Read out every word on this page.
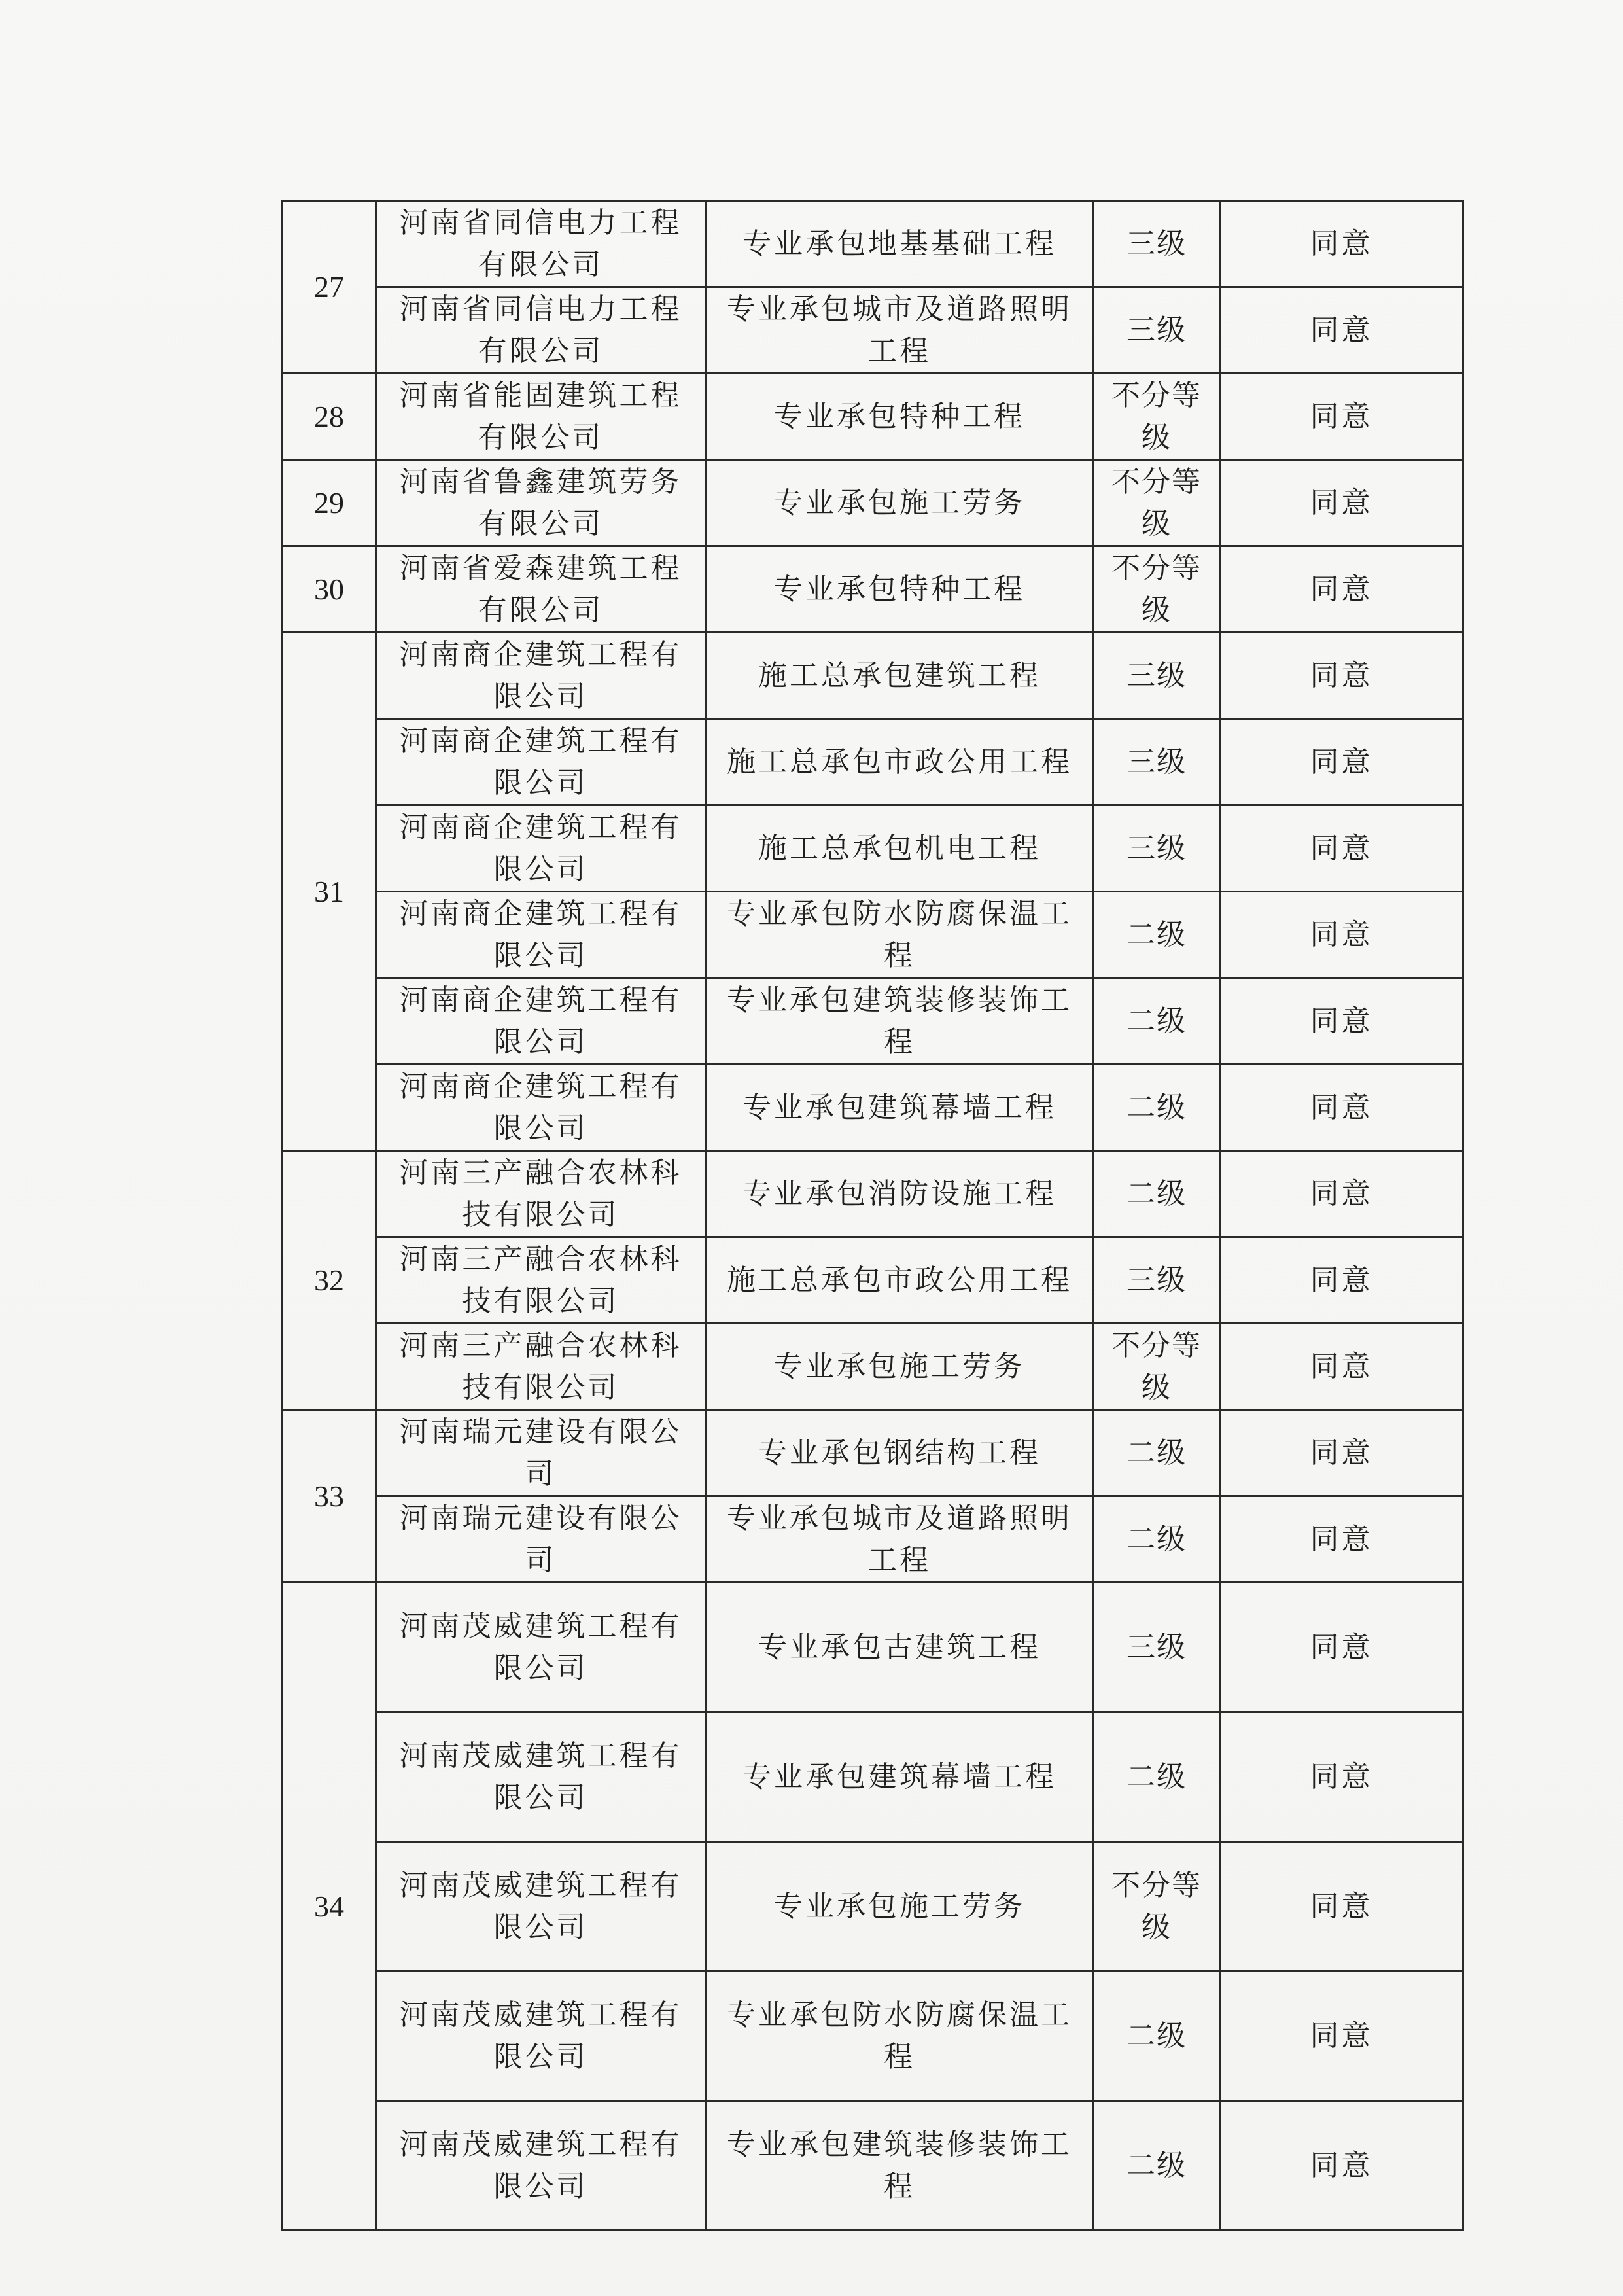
27	河南省同信电力工程有限公司	专业承包地基基础工程	三级	同意
	河南省同信电力工程有限公司	专业承包城市及道路照明工程	三级	同意
28	河南省能固建筑工程有限公司	专业承包特种工程	不分等级	同意
29	河南省鲁鑫建筑劳务有限公司	专业承包施工劳务	不分等级	同意
30	河南省爱森建筑工程有限公司	专业承包特种工程	不分等级	同意
31	河南商企建筑工程有限公司	施工总承包建筑工程	三级	同意
	河南商企建筑工程有限公司	施工总承包市政公用工程	三级	同意
	河南商企建筑工程有限公司	施工总承包机电工程	三级	同意
	河南商企建筑工程有限公司	专业承包防水防腐保温工程	二级	同意
	河南商企建筑工程有限公司	专业承包建筑装修装饰工程	二级	同意
	河南商企建筑工程有限公司	专业承包建筑幕墙工程	二级	同意
32	河南三产融合农林科技有限公司	专业承包消防设施工程	二级	同意
	河南三产融合农林科技有限公司	施工总承包市政公用工程	三级	同意
	河南三产融合农林科技有限公司	专业承包施工劳务	不分等级	同意
33	河南瑞元建设有限公司	专业承包钢结构工程	二级	同意
	河南瑞元建设有限公司	专业承包城市及道路照明工程	二级	同意
34	河南茂威建筑工程有限公司	专业承包古建筑工程	三级	同意
	河南茂威建筑工程有限公司	专业承包建筑幕墙工程	二级	同意
	河南茂威建筑工程有限公司	专业承包施工劳务	不分等级	同意
	河南茂威建筑工程有限公司	专业承包防水防腐保温工程	二级	同意
	河南茂威建筑工程有限公司	专业承包建筑装修装饰工程	二级	同意
